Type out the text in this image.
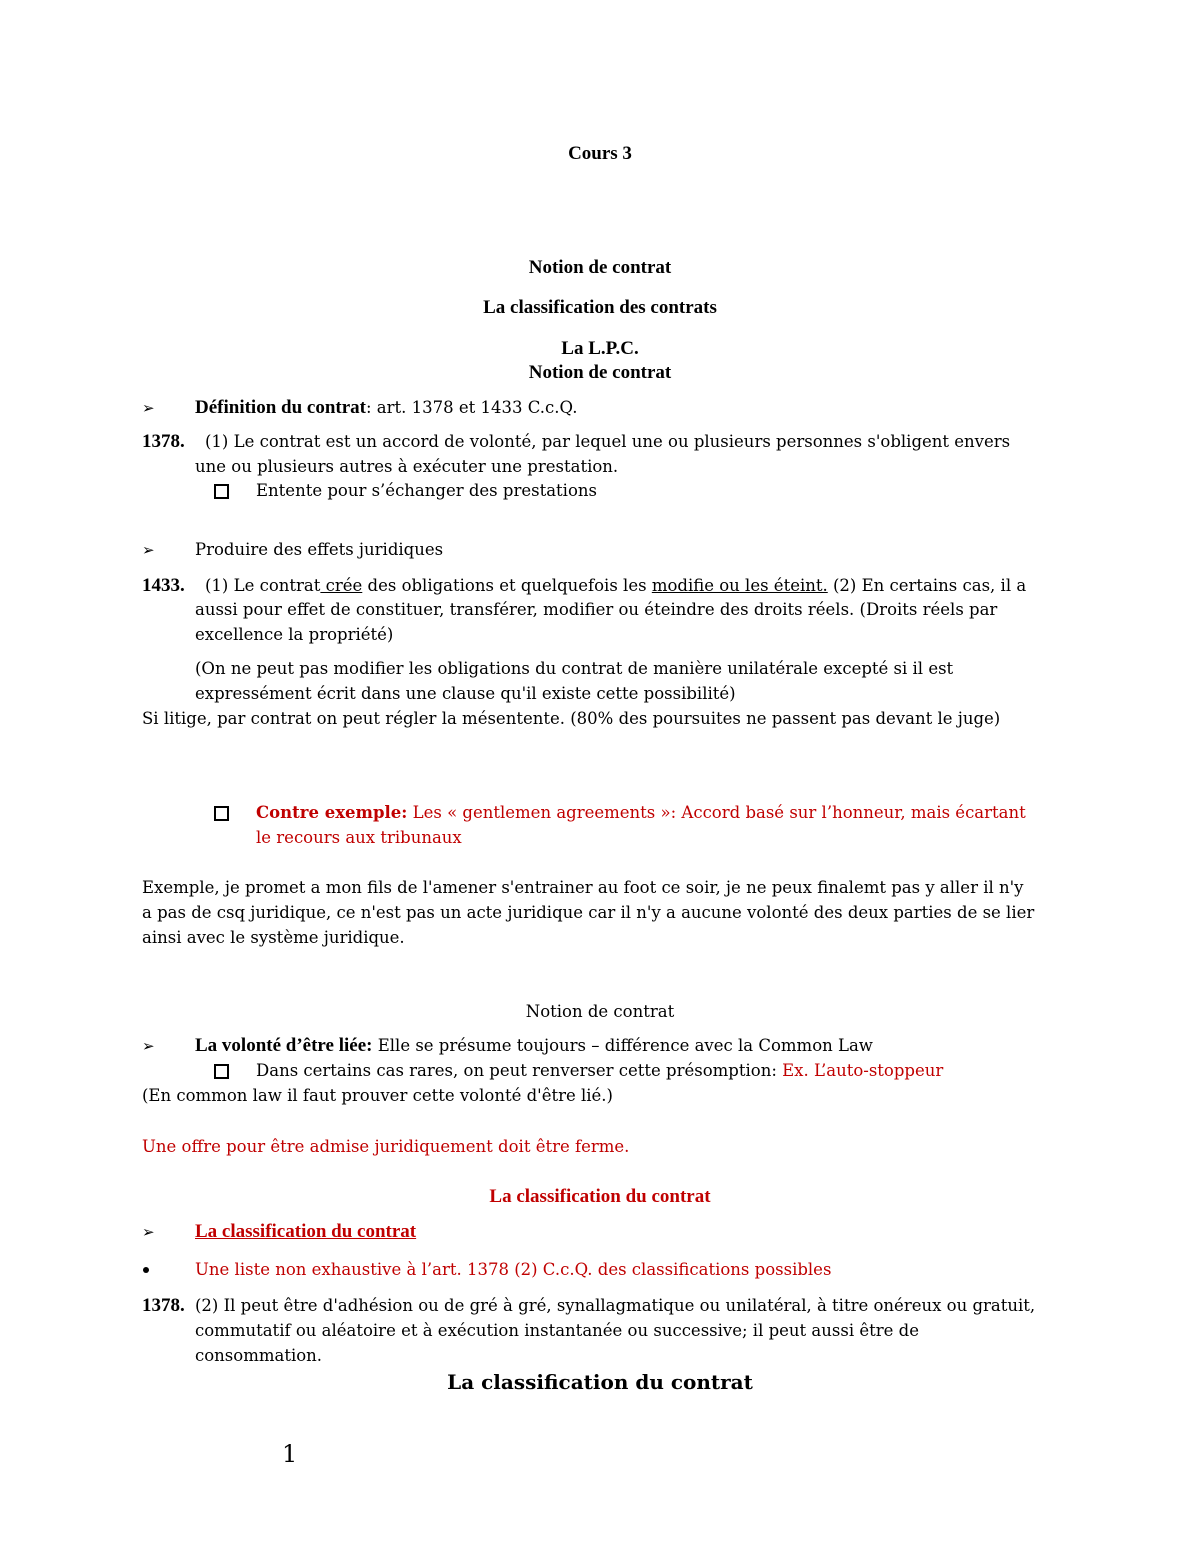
Cours 3
Notion de contrat
La classification des contrats
La L.P.C.
Notion de contrat
➢ Définition du contrat: art. 1378 et 1433 C.c.Q.
1378. (1) Le contrat est un accord de volonté, par lequel une ou plusieurs personnes s'obligent envers
une ou plusieurs autres à exécuter une prestation.
Entente pour s’échanger des prestations
➢ Produire des effets juridiques
1433. (1) Le contrat crée des obligations et quelquefois les modifie ou les éteint. (2) En certains cas, il a
aussi pour effet de constituer, transférer, modifier ou éteindre des droits réels. (Droits réels par
excellence la propriété)
(On ne peut pas modifier les obligations du contrat de manière unilatérale excepté si il est
expressément écrit dans une clause qu'il existe cette possibilité)
Si litige, par contrat on peut régler la mésentente. (80% des poursuites ne passent pas devant le juge)
Contre exemple: Les « gentlemen agreements »: Accord basé sur l’honneur, mais écartant
le recours aux tribunaux
Exemple, je promet a mon fils de l'amener s'entrainer au foot ce soir, je ne peux finalemt pas y aller il n'y
a pas de csq juridique, ce n'est pas un acte juridique car il n'y a aucune volonté des deux parties de se lier
ainsi avec le système juridique.
Notion de contrat
➢ La volonté d’être liée: Elle se présume toujours – différence avec la Common Law
Dans certains cas rares, on peut renverser cette présomption: Ex. L’auto-stoppeur
(En common law il faut prouver cette volonté d'être lié.)
Une offre pour être admise juridiquement doit être ferme.
La classification du contrat
➢ La classification du contrat
Une liste non exhaustive à l’art. 1378 (2) C.c.Q. des classifications possibles
1378. (2) Il peut être d'adhésion ou de gré à gré, synallagmatique ou unilatéral, à titre onéreux ou gratuit,
commutatif ou aléatoire et à exécution instantanée ou successive; il peut aussi être de
consommation.
La classification du contrat
1
